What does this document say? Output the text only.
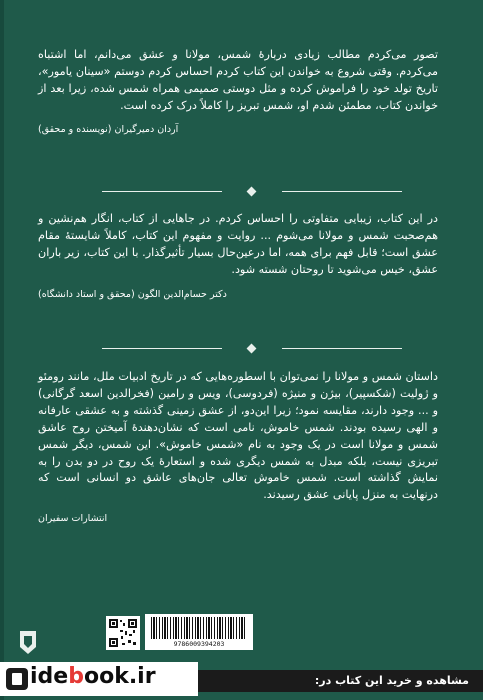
تصور می‌کردم مطالب زیادی دربارهٔ شمس، مولانا و عشق می‌دانم، اما اشتباه می‌کردم. وقتی شروع به خواندن این کتاب کردم احساس کردم دوستم «سینان یامور»، تاریخ تولد خود را فراموش کرده و مثل دوستی صمیمی همراه شمس شده، زیرا بعد از خواندن کتاب، مطمئن شدم او، شمس تبریز را کاملاً درک کرده است.

آردان دمیرگیران (نویسنده و محقق)

در این کتاب، زیبایی متفاوتی را احساس کردم. در جاهایی از کتاب، انگار هم‌نشین و هم‌صحبت شمس و مولانا می‌شوم ... روایت و مفهوم این کتاب، کاملاً شایستهٔ مقام عشق است؛ قابل فهم برای همه، اما درعین‌حال بسیار تأثیرگذار. با این کتاب، زیر باران عشق، خیس می‌شوید تا روحتان شسته شود.

دکتر حسام‌الدین الگون (محقق و استاد دانشگاه)

داستان شمس و مولانا را نمی‌توان با اسطوره‌هایی که در تاریخ ادبیات ملل، مانند رومئو و ژولیت (شکسپیر)، بیژن و منیژه (فردوسی)، ویس و رامین (فخرالدین اسعد گرگانی) و ... وجود دارند، مقایسه نمود؛ زیرا این‌دو، از عشق زمینی گذشته و به عشقی عارفانه و الهی رسیده بودند. شمس خاموش، نامی است که نشان‌دهندهٔ آمیختن روح عاشق شمس و مولانا است در یک وجود به نام «شمس خاموش». این شمس، دیگر شمس تبریزی نیست، بلکه مبدل به شمس دیگری شده و استعارهٔ یک روح در دو بدن را به نمایش گذاشته است. شمس خاموش تعالی جان‌های عاشق دو انسانی است که درنهایت به منزل پایانی عشق رسیدند.

انتشارات سفیران
9786009394203
idebook.ir	مشاهده و خرید این کتاب در:
